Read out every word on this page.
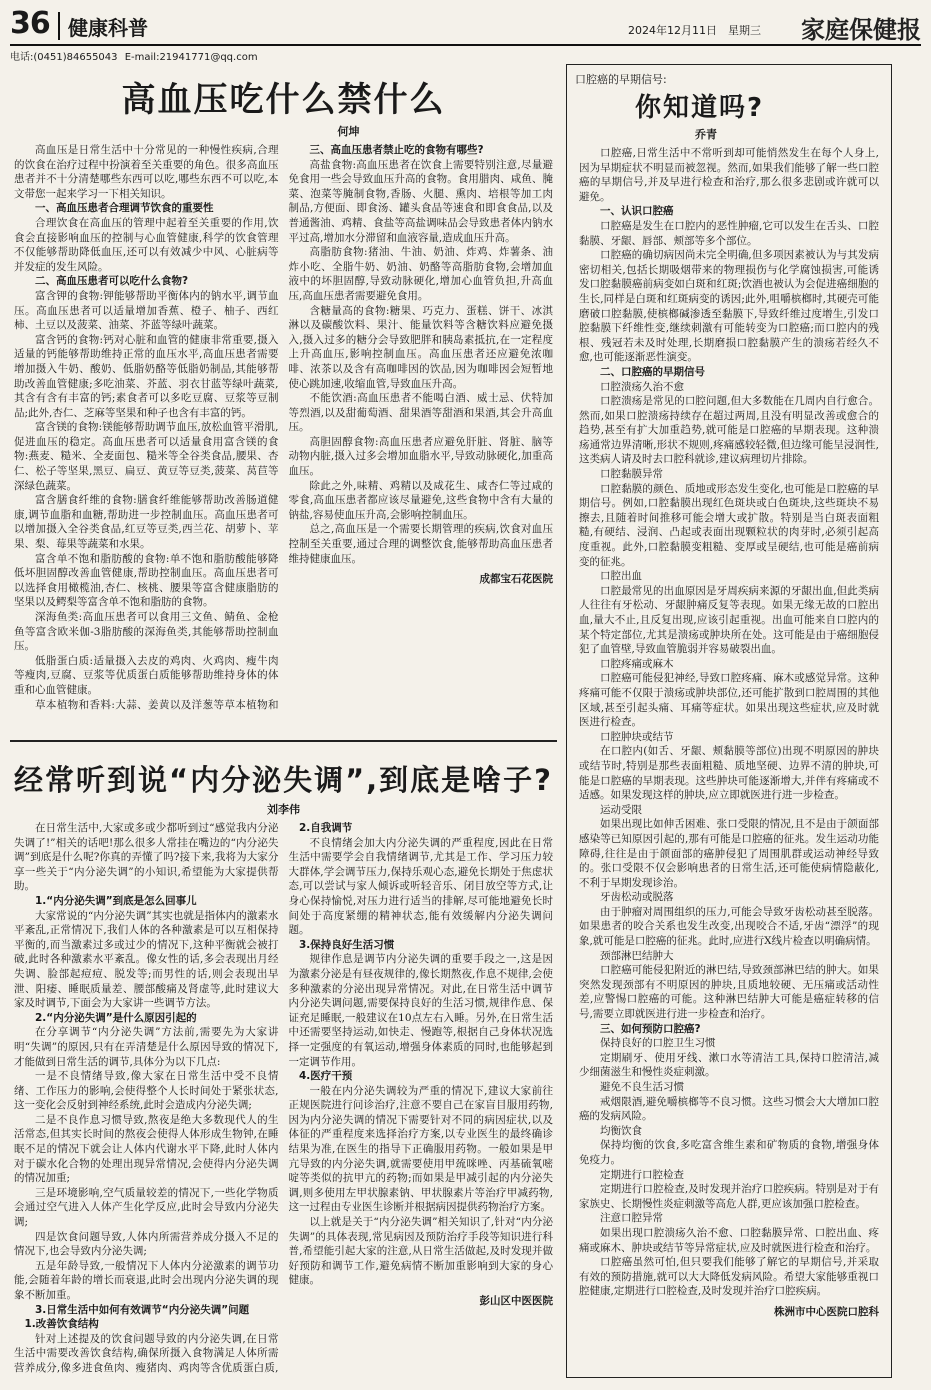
36 健康科普	2024年12月11日 星期三 家庭保健报
电话:(0451)84655043 E-mail:21941771@qq.com
高血压吃什么禁什么
何坤

高血压是日常生活中十分常见的一种慢性疾病,合理的饮食在治疗过程中扮演着至关重要的角色。很多高血压患者并不十分清楚哪些东西可以吃,哪些东西不可以吃,本文带您一起来学习一下相关知识。

一、高血压患者合理调节饮食的重要性

合理饮食在高血压的管理中起着至关重要的作用,饮食会直接影响血压的控制与心血管健康,科学的饮食管理不仅能够帮助降低血压,还可以有效减少中风、心脏病等并发症的发生风险。

二、高血压患者可以吃什么食物?

富含钾的食物:钾能够帮助平衡体内的钠水平,调节血压。高血压患者可以适量增加香蕉、橙子、柚子、西红柿、土豆以及菠菜、油菜、芥蓝等绿叶蔬菜。

富含钙的食物:钙对心脏和血管的健康非常重要,摄入适量的钙能够帮助维持正常的血压水平,高血压患者需要增加摄入牛奶、酸奶、低脂奶酪等低脂奶制品,其能够帮助改善血管健康;多吃油菜、芥蓝、羽衣甘蓝等绿叶蔬菜,其含有含有丰富的钙;素食者可以多吃豆腐、豆浆等豆制品;此外,杏仁、芝麻等坚果和种子也含有丰富的钙。

富含镁的食物:镁能够帮助调节血压,放松血管平滑肌,促进血压的稳定。高血压患者可以适量食用富含镁的食物:燕麦、糙米、全麦面包、糙米等全谷类食品,腰果、杏仁、松子等坚果,黑豆、扁豆、黄豆等豆类,菠菜、莴苣等深绿色蔬菜。

富含膳食纤维的食物:膳食纤维能够帮助改善肠道健康,调节血脂和血糖,帮助进一步控制血压。高血压患者可以增加摄入全谷类食品,红豆等豆类,西兰花、胡萝卜、苹果、梨、莓果等蔬菜和水果。

富含单不饱和脂肪酸的食物:单不饱和脂肪酸能够降低坏胆固醇改善血管健康,帮助控制血压。高血压患者可以选择食用橄榄油,杏仁、核桃、腰果等富含健康脂肪的坚果以及鳄梨等富含单不饱和脂肪的食物。

深海鱼类:高血压患者可以食用三文鱼、鲭鱼、金枪鱼等富含欧米伽-3脂肪酸的深海鱼类,其能够帮助控制血压。

低脂蛋白质:适量摄入去皮的鸡肉、火鸡肉、瘦牛肉等瘦肉,豆腐、豆浆等优质蛋白质能够帮助维持身体的体重和心血管健康。

草本植物和香料:大蒜、姜黄以及洋葱等草本植物和

三、高血压患者禁止吃的食物有哪些?

高盐食物:高血压患者在饮食上需要特别注意,尽量避免食用一些会导致血压升高的食物。食用腊肉、咸鱼、腌菜、泡菜等腌制食物,香肠、火腿、熏肉、培根等加工肉制品,方便面、即食汤、罐头食品等速食和即食食品,以及普通酱油、鸡精、食盐等高盐调味品会导致患者体内钠水平过高,增加水分滞留和血液容量,造成血压升高。

高脂肪食物:猪油、牛油、奶油、炸鸡、炸薯条、油炸小吃、全脂牛奶、奶油、奶酪等高脂肪食物,会增加血液中的坏胆固醇,导致动脉硬化,增加心血管负担,升高血压,高血压患者需要避免食用。

含糖量高的食物:糖果、巧克力、蛋糕、饼干、冰淇淋以及碳酸饮料、果汁、能量饮料等含糖饮料应避免摄入,摄入过多的糖分会导致肥胖和胰岛素抵抗,在一定程度上升高血压,影响控制血压。高血压患者还应避免浓咖啡、浓茶以及含有高咖啡因的饮品,因为咖啡因会短暂地使心跳加速,收缩血管,导致血压升高。

不能饮酒:高血压患者不能喝白酒、威士忌、伏特加等烈酒,以及甜葡萄酒、甜果酒等甜酒和果酒,其会升高血压。

高胆固醇食物:高血压患者应避免肝脏、肾脏、脑等动物内脏,摄入过多会增加血脂水平,导致动脉硬化,加重高血压。

除此之外,味精、鸡精以及咸花生、咸杏仁等过咸的零食,高血压患者都应该尽量避免,这些食物中含有大量的钠盐,容易使血压升高,会影响控制血压。

总之,高血压是一个需要长期管理的疾病,饮食对血压控制至关重要,通过合理的调整饮食,能够帮助高血压患者维持健康血压。

成都宝石花医院

经常听到说“内分泌失调”,到底是啥子?
刘李伟

在日常生活中,大家或多或少都听到过“感觉我内分泌失调了!”相关的话吧!那么很多人常挂在嘴边的“内分泌失调”到底是什么呢?你真的弄懂了吗?接下来,我将为大家分享一些关于“内分泌失调”的小知识,希望能为大家提供帮助。

1.“内分泌失调”到底是怎么回事儿

大家常说的“内分泌失调”其实也就是指体内的激素水平紊乱,正常情况下,我们人体的各种激素是可以互相保持平衡的,而当激素过多或过少的情况下,这种平衡就会被打破,此时各种激素水平紊乱。像女性的话,多会表现出月经失调、脸部起痘痘、脱发等;而男性的话,则会表现出早泄、阳痿、睡眠质量差、腰部酸痛及肾虚等,此时建议大家及时调节,下面会为大家讲一些调节方法。

2.“内分泌失调”是什么原因引起的

在分享调节“内分泌失调”方法前,需要先为大家讲明“失调”的原因,只有在弄清楚是什么原因导致的情况下,才能做到日常生活的调节,具体分为以下几点:

一是不良情绪导致,像大家在日常生活中受不良情绪、工作压力的影响,会使得整个人长时间处于紧张状态,这一变化会反射到神经系统,此时会造成内分泌失调;

二是不良作息习惯导致,熬夜是绝大多数现代人的生活常态,但其实长时间的熬夜会使得人体形成生物钟,在睡眠不足的情况下就会让人体内代谢水平下降,此时人体内对于碳水化合物的处理出现异常情况,会使得内分泌失调的情况加重;

三是环境影响,空气质量较差的情况下,一些化学物质会通过空气进入人体产生化学反应,此时会导致内分泌失调;

四是饮食问题导致,人体内所需营养成分摄入不足的情况下,也会导致内分泌失调;

五是年龄导致,一般情况下人体内分泌激素的调节功能,会随着年龄的增长而衰退,此时会出现内分泌失调的现象不断加重。

3.日常生活中如何有效调节“内分泌失调”问题

1.改善饮食结构

针对上述提及的饮食问题导致的内分泌失调,在日常生活中需要改善饮食结构,确保所摄入食物满足人体所需营养成分,像多进食鱼肉、瘦猪肉、鸡肉等含优质蛋白质,

2.自我调节

不良情绪会加大内分泌失调的严重程度,因此在日常生活中需要学会自我情绪调节,尤其是工作、学习压力较大群体,学会调节压力,保持乐观心态,避免长期处于焦虑状态,可以尝试与家人倾诉或听轻音乐、闭目放空等方式,让身心保持愉悦,对压力进行适当的排解,尽可能地避免长时间处于高度紧绷的精神状态,能有效缓解内分泌失调问题。

3.保持良好生活习惯

规律作息是调节内分泌失调的重要手段之一,这是因为激素分泌是有昼夜规律的,像长期熬夜,作息不规律,会使多种激素的分泌出现异常情况。对此,在日常生活中调节内分泌失调问题,需要保持良好的生活习惯,规律作息、保证充足睡眠,一般建议在10点左右入睡。另外,在日常生活中还需要坚持运动,如快走、慢跑等,根据自己身体状况选择一定强度的有氧运动,增强身体素质的同时,也能够起到一定调节作用。

4.医疗干预

一般在内分泌失调较为严重的情况下,建议大家前往正规医院进行问诊治疗,注意不要自己在家盲目服用药物,因为内分泌失调的情况下需要针对不同的病因症状,以及体征的严重程度来选择治疗方案,以专业医生的最终确诊结果为准,在医生的指导下正确服用药物。一般如果是甲亢导致的内分泌失调,就需要使用甲巯咪唑、丙基硫氧嘧啶等类似的抗甲亢的药物;而如果是甲减引起的内分泌失调,则多使用左甲状腺素钠、甲状腺素片等治疗甲减药物,这一过程由专业医生诊断并根据病因提供药物治疗方案。

以上就是关于“内分泌失调”相关知识了,针对“内分泌失调”的具体表现,常见病因及预防治疗手段等知识进行科普,希望能引起大家的注意,从日常生活做起,及时发现并做好预防和调节工作,避免病情不断加重影响到大家的身心健康。

彭山区中医医院

口腔癌的早期信号:
你知道吗?
乔青

口腔癌,日常生活中不常听到却可能悄然发生在每个人身上,因为早期症状不明显而被忽视。然而,如果我们能够了解一些口腔癌的早期信号,并及早进行检查和治疗,那么很多悲剧或许就可以避免。

一、认识口腔癌

口腔癌是发生在口腔内的恶性肿瘤,它可以发生在舌头、口腔黏膜、牙龈、唇部、颊部等多个部位。

口腔癌的确切病因尚未完全明确,但多项因素被认为与其发病密切相关,包括长期吸烟带来的物理损伤与化学腐蚀损害,可能诱发口腔黏膜癌前病变如白斑和红斑;饮酒也被认为会促进癌细胞的生长,同样是白斑和红斑病变的诱因;此外,咀嚼槟榔时,其硬壳可能磨破口腔黏膜,使槟榔碱渗透至黏膜下,导致纤维过度增生,引发口腔黏膜下纤维性变,继续刺激有可能转变为口腔癌;而口腔内的残根、残冠若未及时处理,长期磨损口腔黏膜产生的溃疡若经久不愈,也可能逐渐恶性演变。

二、口腔癌的早期信号

口腔溃疡久治不愈

口腔溃疡是常见的口腔问题,但大多数能在几周内自行愈合。然而,如果口腔溃疡持续存在超过两周,且没有明显改善或愈合的趋势,甚至有扩大加重趋势,就可能是口腔癌的早期表现。这种溃疡通常边界清晰,形状不规则,疼痛感较轻微,但边缘可能呈浸润性,这类病人请及时去口腔科就诊,建议病理切片排除。

口腔黏膜异常

口腔黏膜的颜色、质地或形态发生变化,也可能是口腔癌的早期信号。例如,口腔黏膜出现红色斑块或白色斑块,这些斑块不易擦去,且随着时间推移可能会增大或扩散。特别是当白斑表面粗糙,有硬结、浸润、凸起或表面出现颗粒状的肉芽时,必须引起高度重视。此外,口腔黏膜变粗糙、变厚或呈硬结,也可能是癌前病变的征兆。

口腔出血

口腔最常见的出血原因是牙周疾病来源的牙龈出血,但此类病人往往有牙松动、牙龈肿痛反复等表现。如果无缘无故的口腔出血,量大不止,且反复出现,应该引起重视。出血可能来自口腔内的某个特定部位,尤其是溃疡或肿块所在处。这可能是由于癌细胞侵犯了血管壁,导致血管脆弱并容易破裂出血。

口腔疼痛或麻木

口腔癌可能侵犯神经,导致口腔疼痛、麻木或感觉异常。这种疼痛可能不仅限于溃疡或肿块部位,还可能扩散到口腔周围的其他区域,甚至引起头痛、耳痛等症状。如果出现这些症状,应及时就医进行检查。

口腔肿块或结节

在口腔内(如舌、牙龈、颊黏膜等部位)出现不明原因的肿块或结节时,特别是那些表面粗糙、质地坚硬、边界不清的肿块,可能是口腔癌的早期表现。这些肿块可能逐渐增大,并伴有疼痛或不适感。如果发现这样的肿块,应立即就医进行进一步检查。

运动受限

如果出现比如伸舌困难、张口受限的情况,且不是由于颌面部感染等已知原因引起的,那有可能是口腔癌的征兆。发生运动功能障碍,往往是由于颌面部的癌肿侵犯了周围肌群或运动神经导致的。张口受限不仅会影响患者的日常生活,还可能使病情隐蔽化,不利于早期发现诊治。

牙齿松动或脱落

由于肿瘤对周围组织的压力,可能会导致牙齿松动甚至脱落。如果患者的咬合关系也发生改变,出现咬合不适,牙齿“漂浮”的现象,就可能是口腔癌的征兆。此时,应进行X线片检查以明确病情。

颈部淋巴结肿大

口腔癌可能侵犯附近的淋巴结,导致颈部淋巴结的肿大。如果突然发现颈部有不明原因的肿块,且质地较硬、无压痛或活动性差,应警惕口腔癌的可能。这种淋巴结肿大可能是癌症转移的信号,需要立即就医进行进一步检查和治疗。

三、如何预防口腔癌?

保持良好的口腔卫生习惯

定期刷牙、使用牙线、漱口水等清洁工具,保持口腔清洁,减少细菌滋生和慢性炎症刺激。

避免不良生活习惯

戒烟限酒,避免嚼槟榔等不良习惯。这些习惯会大大增加口腔癌的发病风险。

均衡饮食

保持均衡的饮食,多吃富含维生素和矿物质的食物,增强身体免疫力。

定期进行口腔检查

定期进行口腔检查,及时发现并治疗口腔疾病。特别是对于有家族史、长期慢性炎症刺激等高危人群,更应该加强口腔检查。

注意口腔异常

如果出现口腔溃疡久治不愈、口腔黏膜异常、口腔出血、疼痛或麻木、肿块或结节等异常症状,应及时就医进行检查和治疗。

口腔癌虽然可怕,但只要我们能够了解它的早期信号,并采取有效的预防措施,就可以大大降低发病风险。希望大家能够重视口腔健康,定期进行口腔检查,及时发现并治疗口腔疾病。

株洲市中心医院口腔科
